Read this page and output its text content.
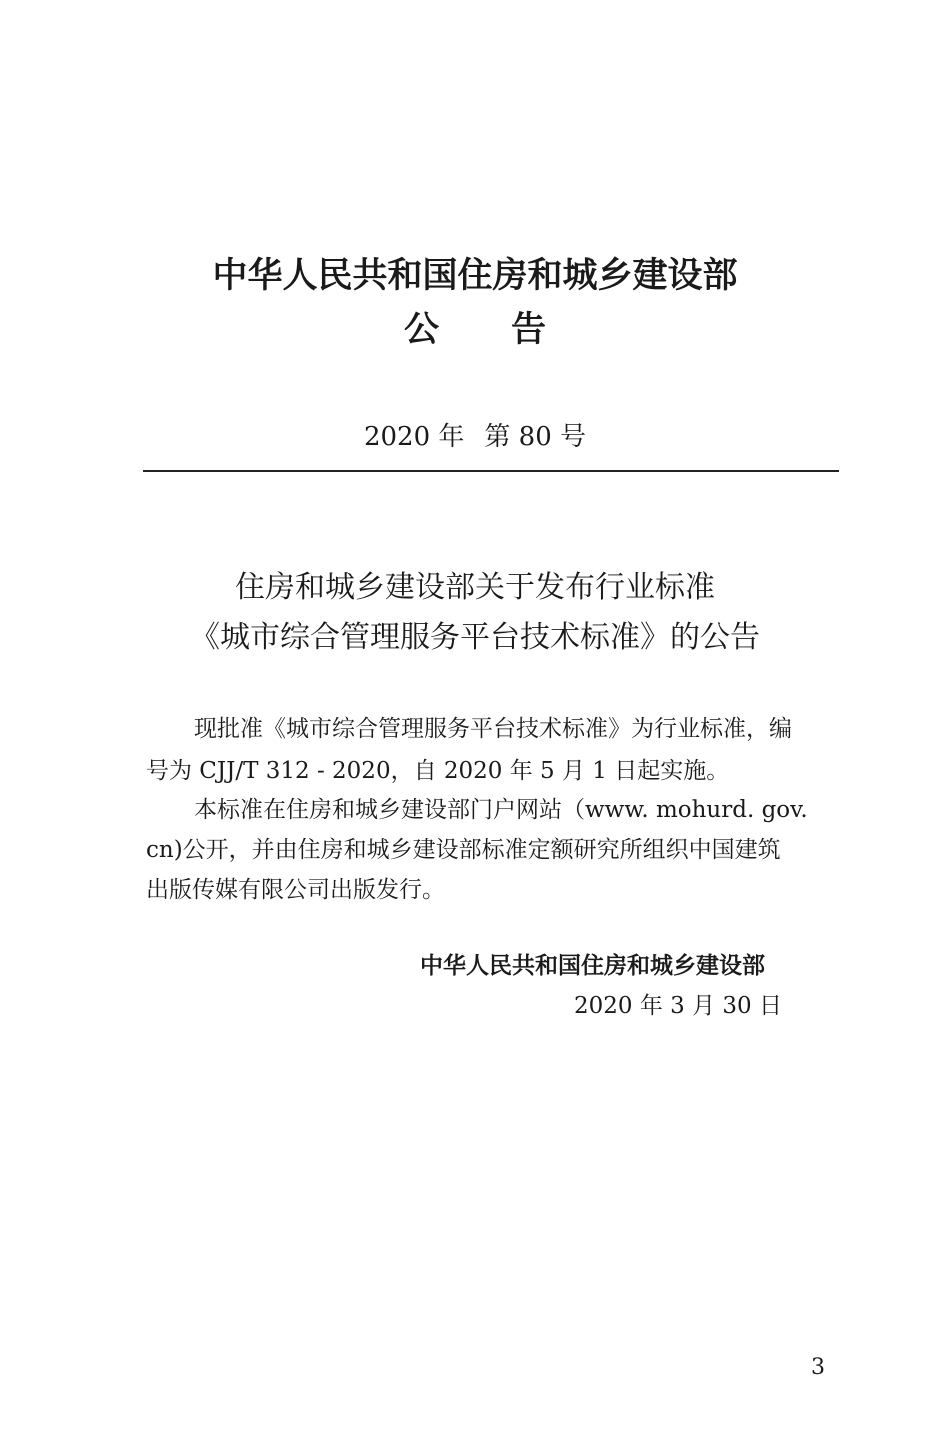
中华人民共和国住房和城乡建设部
公 告
2020 年 第 80 号
住房和城乡建设部关于发布行业标准
《城市综合管理服务平台技术标准》的公告
现批准《城市综合管理服务平台技术标准》为行业标准，编
号为 CJJ/T 312 - 2020，自 2020 年 5 月 1 日起实施。
本标准在住房和城乡建设部门户网站（www. mohurd. gov.
cn)公开，并由住房和城乡建设部标准定额研究所组织中国建筑
出版传媒有限公司出版发行。
中华人民共和国住房和城乡建设部
2020 年 3 月 30 日
3
